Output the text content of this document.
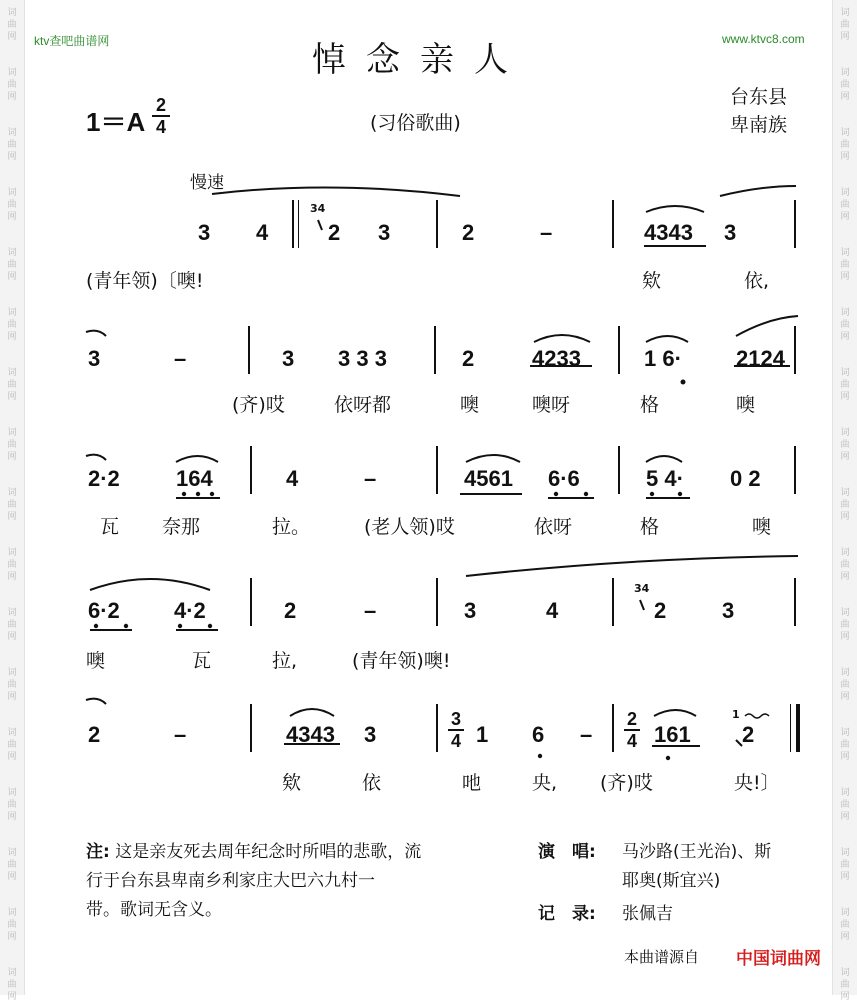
词
曲
网
词
曲
网
词
曲
网
词
曲
网
词
曲
网
词
曲
网
词
曲
网
词
曲
网
词
曲
网
词
曲
网
词
曲
网
词
曲
网
词
曲
网
词
曲
网
词
曲
网
词
曲
网
词
曲
网
词
曲
网
词
曲
网
词
曲
网
词
曲
网
词
曲
网
词
曲
网
词
曲
网
词
曲
网
词
曲
网
词
曲
网
词
曲
网
词
曲
网
词
曲
网
词
曲
网
词
曲
网
词
曲
网
词
曲
网
ktv查吧曲谱网	www.ktvc8.com
悼念亲人
1＝A
2
4	(习俗歌曲)
台东县
卑南族
慢速
3 4
34
2 3	2	–	4343 3
(青年领)〔噢!	欸	依,
3	–	3 3 3 3	2	4233	1 6· 2124
(齐)哎	依呀都	噢	噢呀	格	噢
2·2	164	4	–	4561 6·6	5 4· 0 2
瓦 奈那	拉。	(老人领)哎	依呀	格	噢
6·2 4·2	2	–	3	4
34
2	3
噢	瓦	拉,	(青年领)噢!
2	–	4343 3
3
4 1 6 –
2
4 161
1
2
欸	依	吔	央, (齐)哎	央!〕
注: 这是亲友死去周年纪念时所唱的悲歌，流
行于台东县卑南乡利家庄大巴六九村一
带。歌词无含义。
演　唱: 马沙路(王光治)、斯
耶奥(斯宜兴)
记　录: 张佩吉
本曲谱源自 中国词曲网
